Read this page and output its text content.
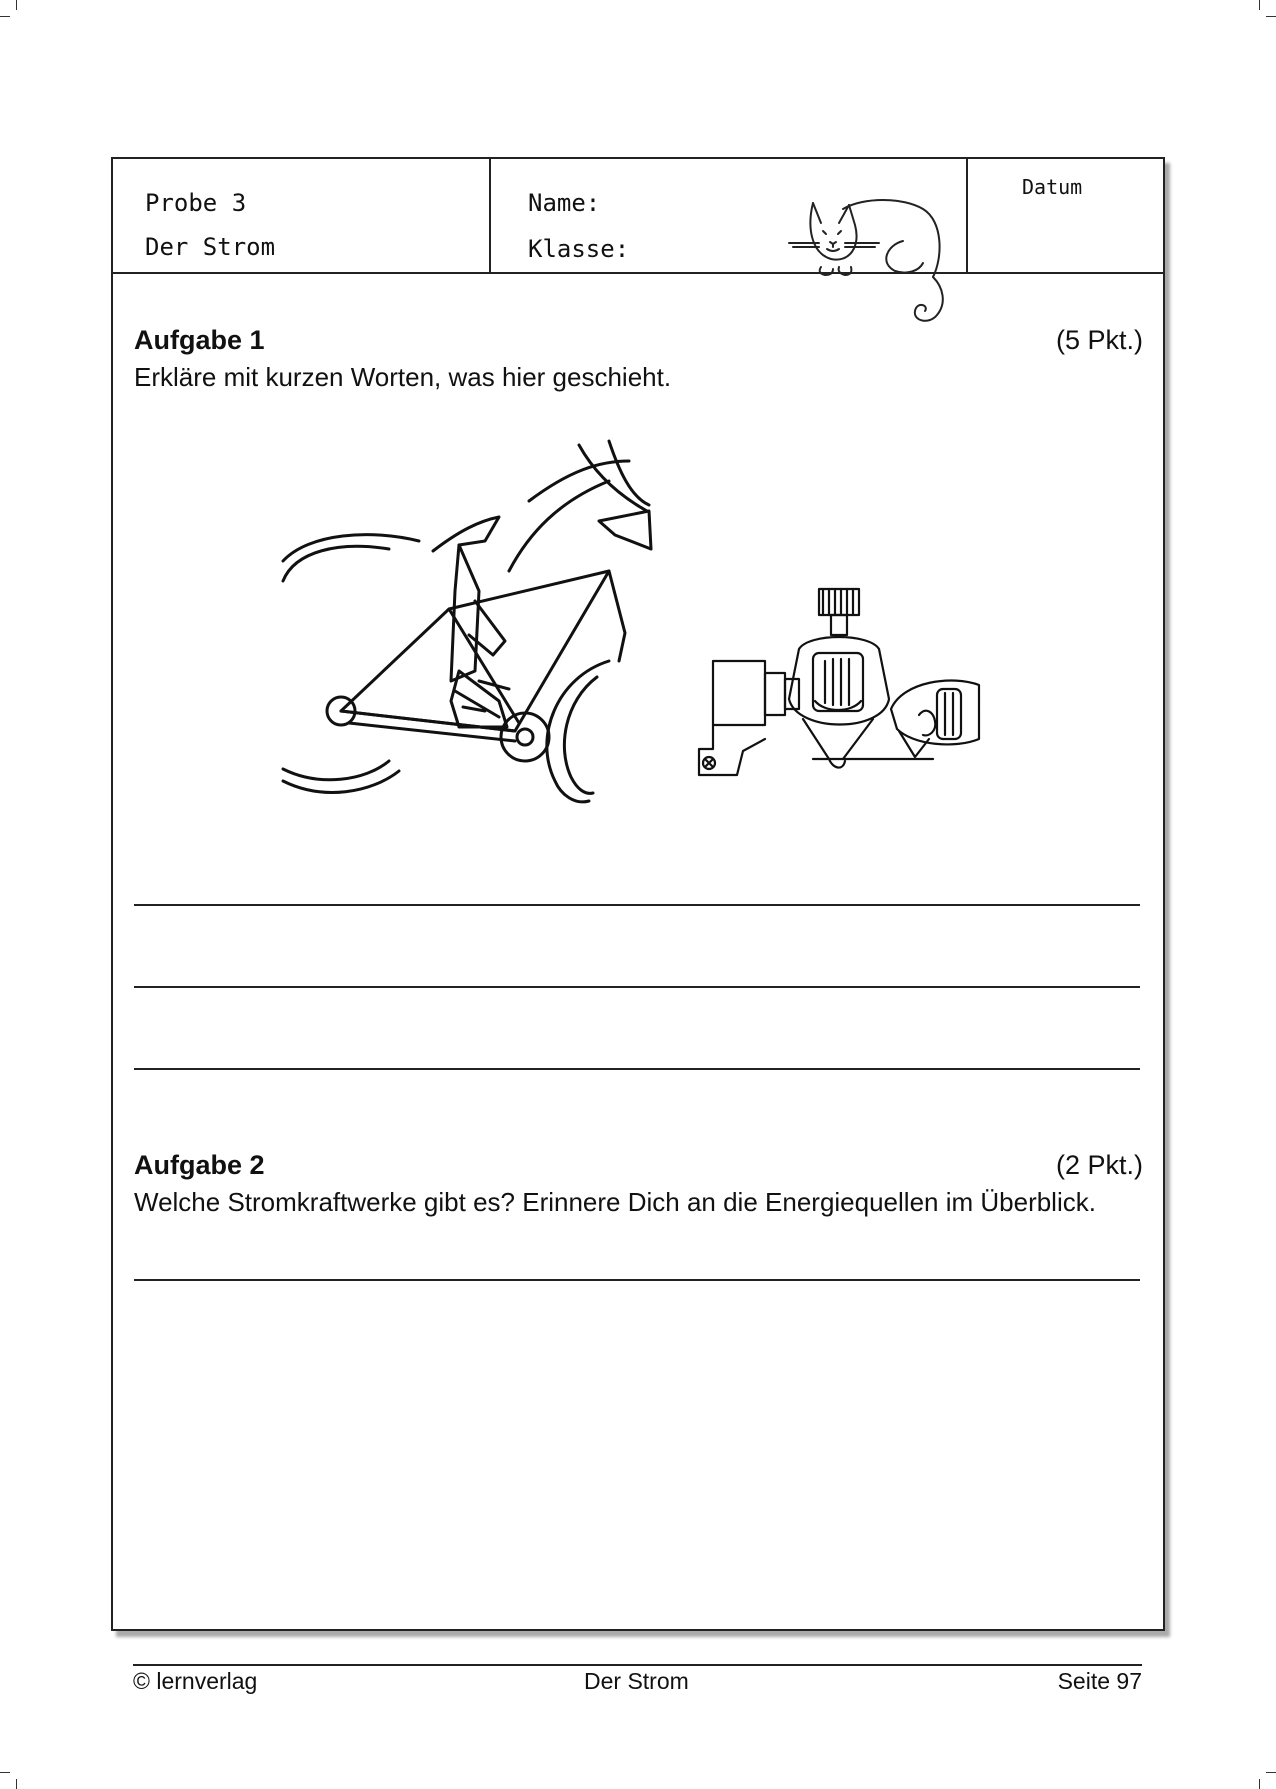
Probe 3
Der Strom
Name:
Klasse:
Datum
Aufgabe 1	(5 Pkt.)
Erkläre mit kurzen Worten, was hier geschieht.
Aufgabe 2	(2 Pkt.)
Welche Stromkraftwerke gibt es? Erinnere Dich an die Energiequellen im Überblick.
© lernverlag	Der Strom	Seite 97
